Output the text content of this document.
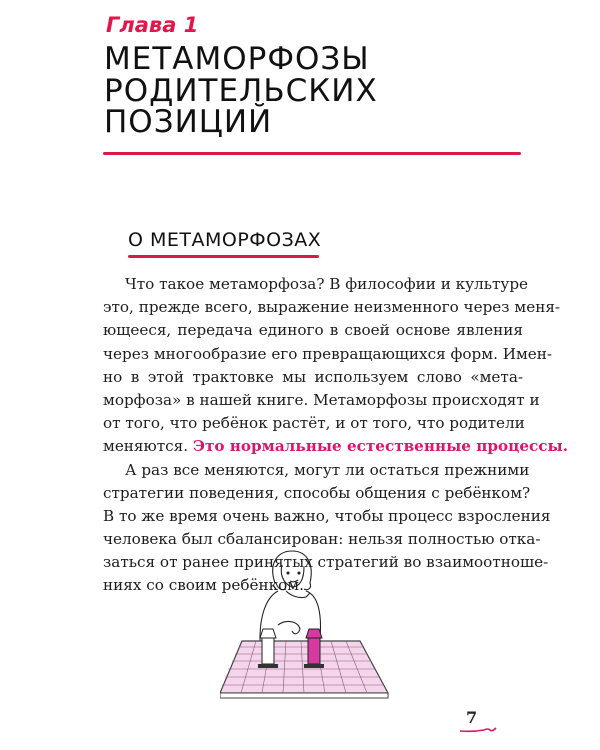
Глава 1
МЕТАМОРФОЗЫ
РОДИТЕЛЬСКИХ
ПОЗИЦИЙ
О МЕТАМОРФОЗАХ
Что такое метаморфоза? В философии и культуре
это, прежде всего, выражение неизменного через меня-
ющееся, передача единого в своей основе явления
через многообразие его превращающихся форм. Имен-
но в этой трактовке мы используем слово «мета-
морфоза» в нашей книге. Метаморфозы происходят и
от того, что ребёнок растёт, и от того, что родители
меняются. Это нормальные естественные процессы.
А раз все меняются, могут ли остаться прежними
стратегии поведения, способы общения с ребёнком?
В то же время очень важно, чтобы процесс взросления
человека был сбалансирован: нельзя полностью отка-
заться от ранее принятых стратегий во взаимоотноше-
ниях со своим ребёнком.
7
